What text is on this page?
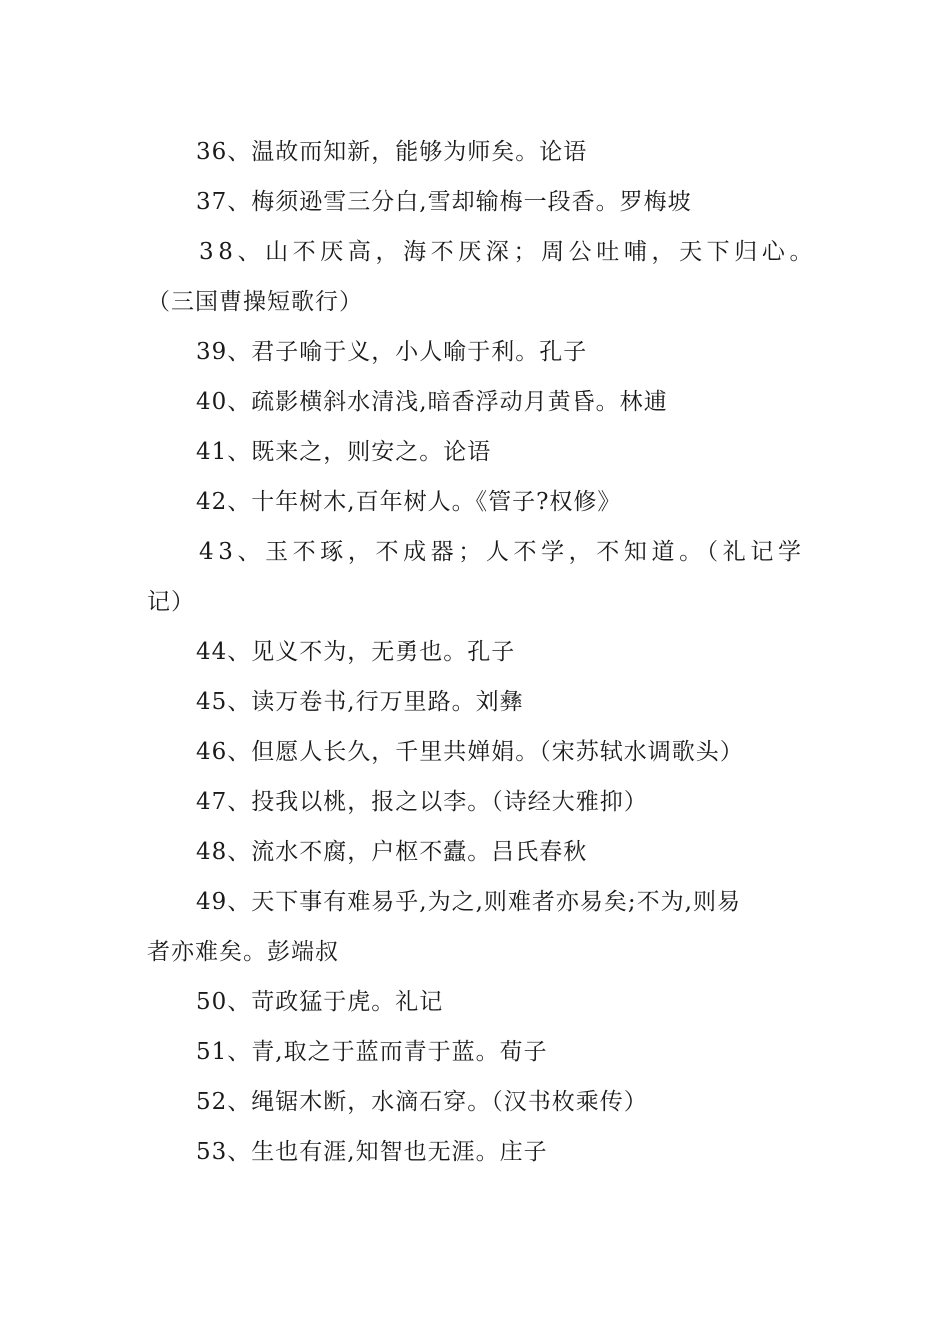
36、温故而知新，能够为师矣。论语
37、梅须逊雪三分白,雪却输梅一段香。罗梅坡
38、山不厌高，海不厌深；周公吐哺，天下归心。
（三国曹操短歌行）
39、君子喻于义，小人喻于利。孔子
40、疏影横斜水清浅,暗香浮动月黄昏。林逋
41、既来之，则安之。论语
42、十年树木,百年树人。《管子?权修》
43、玉不琢，不成器；人不学，不知道。（礼记学
记）
44、见义不为，无勇也。孔子
45、读万卷书,行万里路。刘彝
46、但愿人长久，千里共婵娟。（宋苏轼水调歌头）
47、投我以桃，报之以李。（诗经大雅抑）
48、流水不腐，户枢不蠹。吕氏春秋
49、天下事有难易乎,为之,则难者亦易矣;不为,则易
者亦难矣。彭端叔
50、苛政猛于虎。礼记
51、青,取之于蓝而青于蓝。荀子
52、绳锯木断，水滴石穿。（汉书枚乘传）
53、生也有涯,知智也无涯。庄子
